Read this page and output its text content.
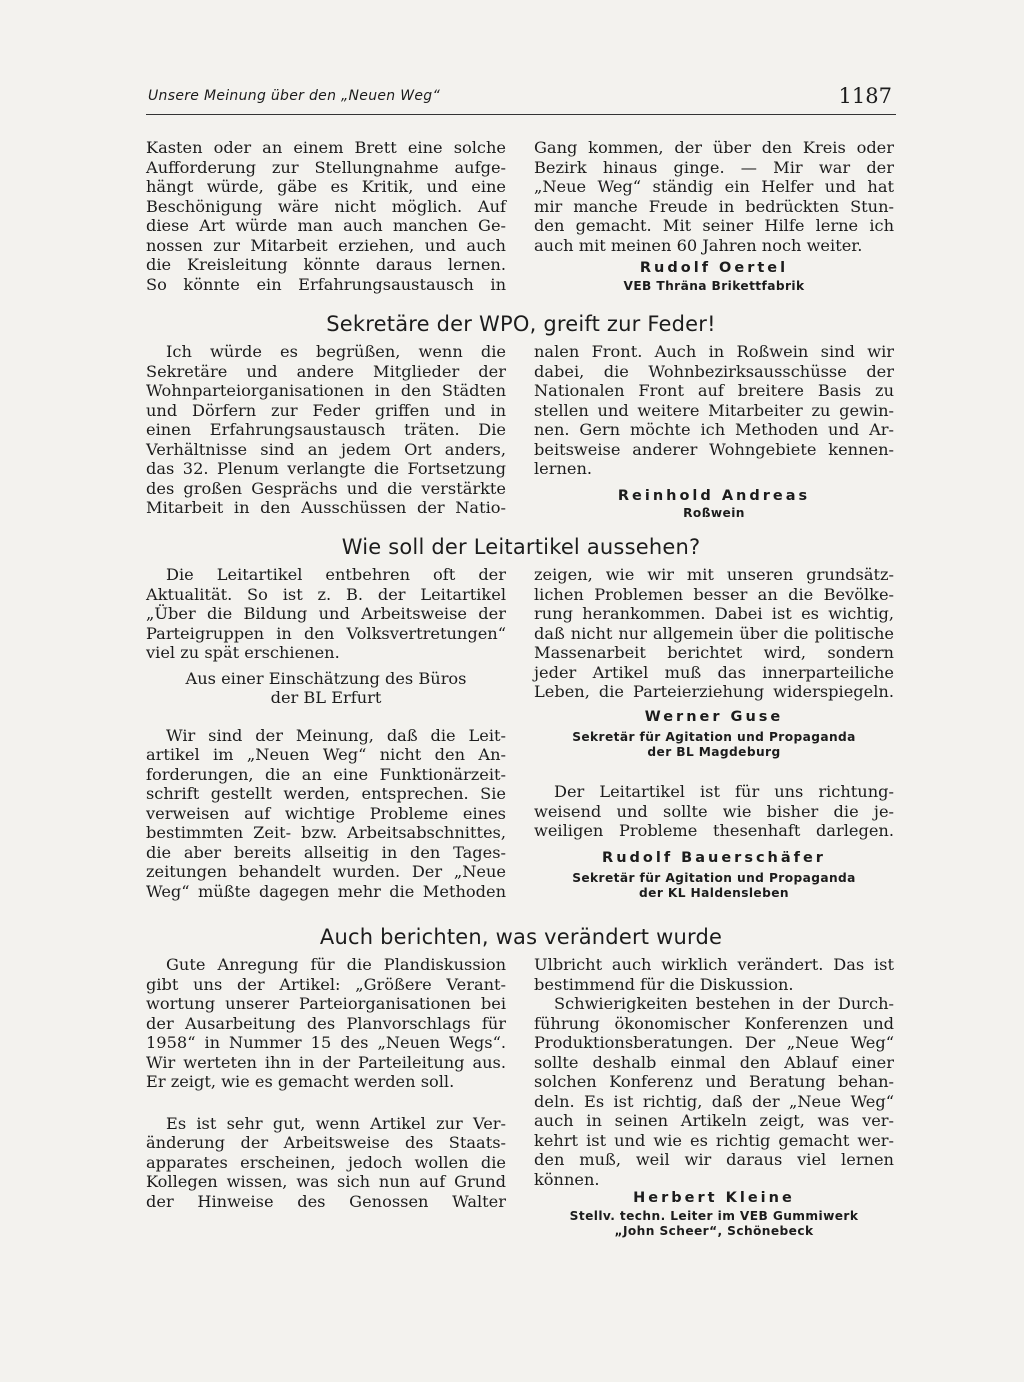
Unsere Meinung über den „Neuen Weg“	1187
Kasten oder an einem Brett eine solche
Aufforderung zur Stellungnahme aufge-
hängt würde, gäbe es Kritik, und eine
Beschönigung wäre nicht möglich. Auf
diese Art würde man auch manchen Ge-
nossen zur Mitarbeit erziehen, und auch
die Kreisleitung könnte daraus lernen.
So könnte ein Erfahrungsaustausch in
Gang kommen, der über den Kreis oder
Bezirk hinaus ginge. — Mir war der
„Neue Weg“ ständig ein Helfer und hat
mir manche Freude in bedrückten Stun-
den gemacht. Mit seiner Hilfe lerne ich
auch mit meinen 60 Jahren noch weiter.
Rudolf Oertel
VEB Thräna Brikettfabrik
Sekretäre der WPO, greift zur Feder!
Ich würde es begrüßen, wenn die
Sekretäre und andere Mitglieder der
Wohnparteiorganisationen in den Städten
und Dörfern zur Feder griffen und in
einen Erfahrungsaustausch träten. Die
Verhältnisse sind an jedem Ort anders,
das 32. Plenum verlangte die Fortsetzung
des großen Gesprächs und die verstärkte
Mitarbeit in den Ausschüssen der Natio-
nalen Front. Auch in Roßwein sind wir
dabei, die Wohnbezirksausschüsse der
Nationalen Front auf breitere Basis zu
stellen und weitere Mitarbeiter zu gewin-
nen. Gern möchte ich Methoden und Ar-
beitsweise anderer Wohngebiete kennen-
lernen.
Reinhold Andreas
Roßwein
Wie soll der Leitartikel aussehen?
Die Leitartikel entbehren oft der
Aktualität. So ist z. B. der Leitartikel
„Über die Bildung und Arbeitsweise der
Parteigruppen in den Volksvertretungen“
viel zu spät erschienen.
Aus einer Einschätzung des Büros
der BL Erfurt
Wir sind der Meinung, daß die Leit-
artikel im „Neuen Weg“ nicht den An-
forderungen, die an eine Funktionärzeit-
schrift gestellt werden, entsprechen. Sie
verweisen auf wichtige Probleme eines
bestimmten Zeit- bzw. Arbeitsabschnittes,
die aber bereits allseitig in den Tages-
zeitungen behandelt wurden. Der „Neue
Weg“ müßte dagegen mehr die Methoden
zeigen, wie wir mit unseren grundsätz-
lichen Problemen besser an die Bevölke-
rung herankommen. Dabei ist es wichtig,
daß nicht nur allgemein über die politische
Massenarbeit berichtet wird, sondern
jeder Artikel muß das innerparteiliche
Leben, die Parteierziehung widerspiegeln.
Werner Guse
Sekretär für Agitation und Propaganda
der BL Magdeburg
Der Leitartikel ist für uns richtung-
weisend und sollte wie bisher die je-
weiligen Probleme thesenhaft darlegen.
Rudolf Bauerschäfer
Sekretär für Agitation und Propaganda
der KL Haldensleben
Auch berichten, was verändert wurde
Gute Anregung für die Plandiskussion
gibt uns der Artikel: „Größere Verant-
wortung unserer Parteiorganisationen bei
der Ausarbeitung des Planvorschlags für
1958“ in Nummer 15 des „Neuen Wegs“.
Wir werteten ihn in der Parteileitung aus.
Er zeigt, wie es gemacht werden soll.
Es ist sehr gut, wenn Artikel zur Ver-
änderung der Arbeitsweise des Staats-
apparates erscheinen, jedoch wollen die
Kollegen wissen, was sich nun auf Grund
der Hinweise des Genossen Walter
Ulbricht auch wirklich verändert. Das ist
bestimmend für die Diskussion.
Schwierigkeiten bestehen in der Durch-
führung ökonomischer Konferenzen und
Produktionsberatungen. Der „Neue Weg“
sollte deshalb einmal den Ablauf einer
solchen Konferenz und Beratung behan-
deln. Es ist richtig, daß der „Neue Weg“
auch in seinen Artikeln zeigt, was ver-
kehrt ist und wie es richtig gemacht wer-
den muß, weil wir daraus viel lernen
können.
Herbert Kleine
Stellv. techn. Leiter im VEB Gummiwerk
„John Scheer“, Schönebeck
